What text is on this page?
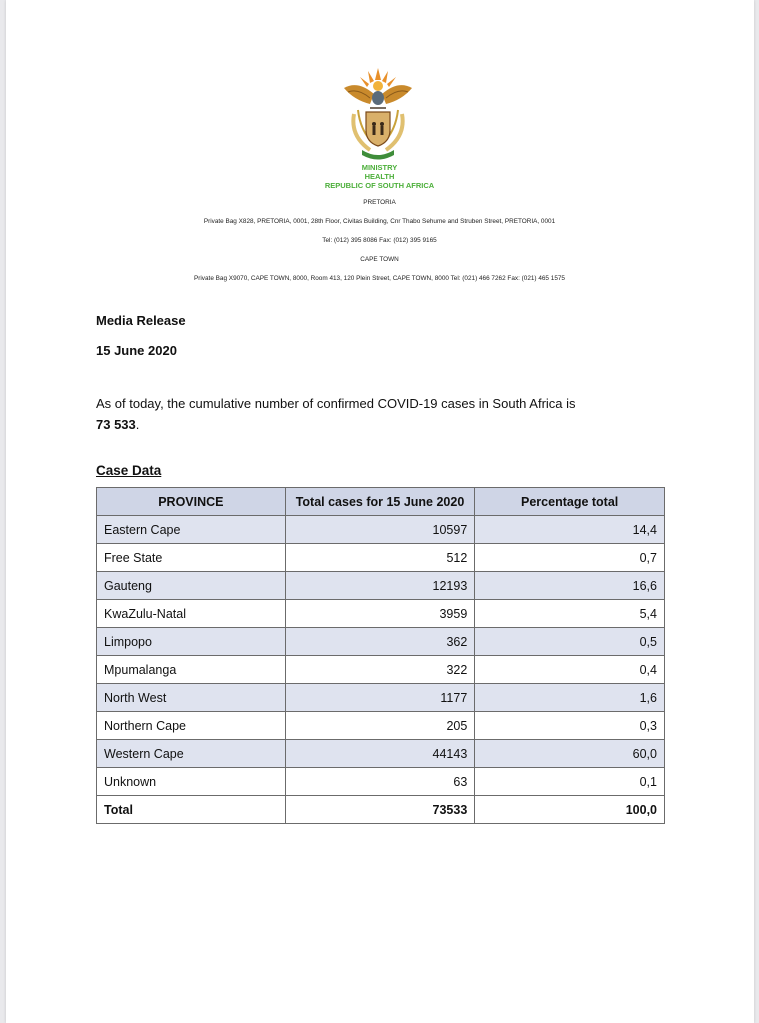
MINISTRY
HEALTH
REPUBLIC OF SOUTH AFRICA
PRETORIA
Private Bag X828, PRETORIA, 0001, 28th Floor, Civitas Building, Cnr Thabo Sehume and Struben Street, PRETORIA, 0001
Tel: (012) 395 8086 Fax: (012) 395 9165
CAPE TOWN
Private Bag X9070, CAPE TOWN, 8000, Room 413, 120 Plein Street, CAPE TOWN, 8000 Tel: (021) 466 7262 Fax: (021) 465 1575
Media Release
15 June 2020
As of today, the cumulative number of confirmed COVID-19 cases in South Africa is
73 533.
Case Data
PROVINCE	Total cases for 15 June 2020	Percentage total
Eastern Cape	10597	14,4
Free State	512	0,7
Gauteng	12193	16,6
KwaZulu-Natal	3959	5,4
Limpopo	362	0,5
Mpumalanga	322	0,4
North West	1177	1,6
Northern Cape	205	0,3
Western Cape	44143	60,0
Unknown	63	0,1
Total	73533	100,0
